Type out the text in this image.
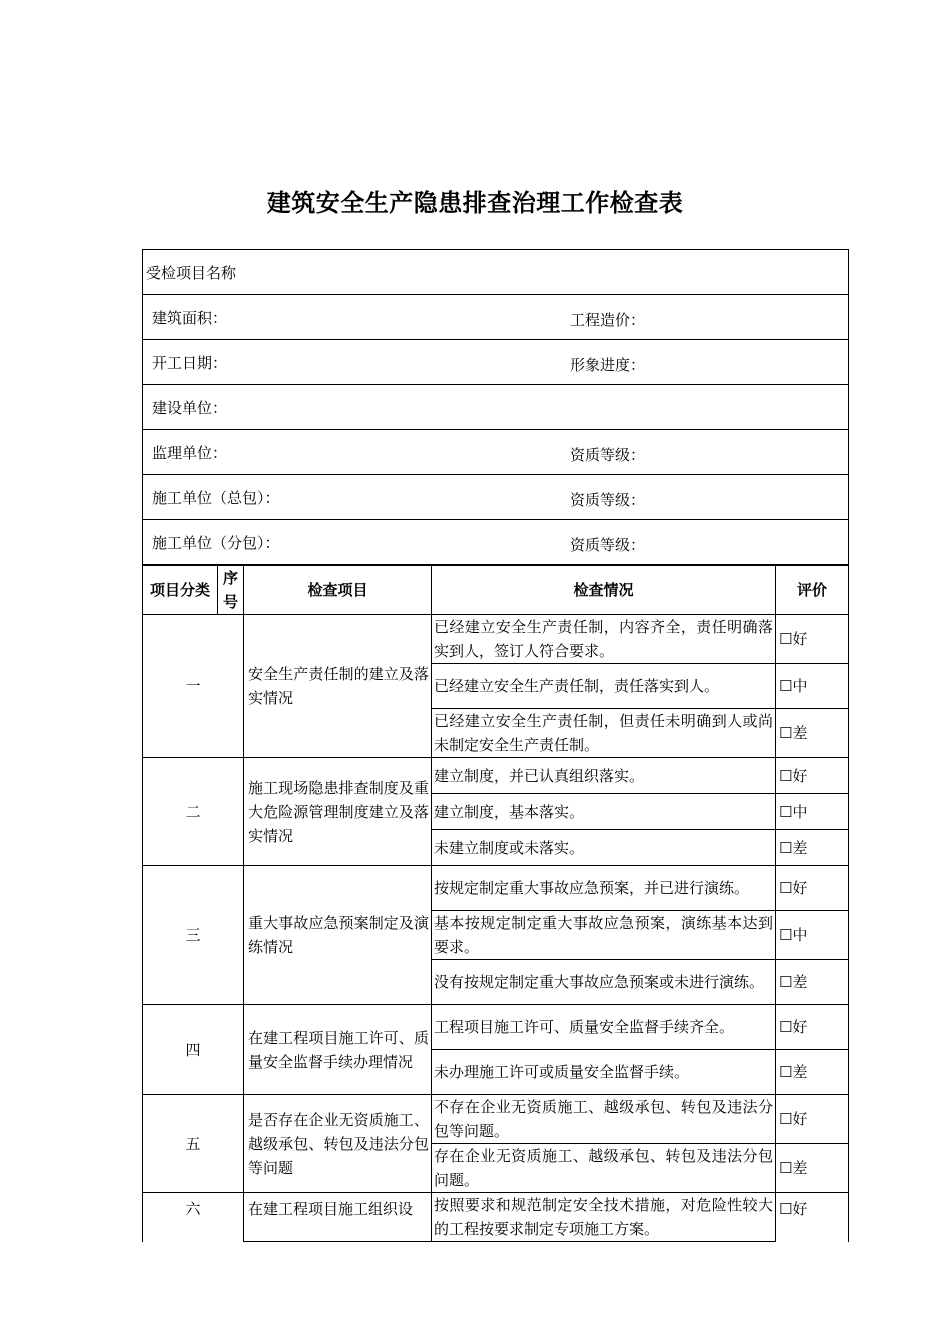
建筑安全生产隐患排查治理工作检查表
受检项目名称
建筑面积：	工程造价：

开工日期：	形象进度：

建设单位：
监理单位：	资质等级：

施工单位（总包）：	资质等级：

施工单位（分包）：	资质等级：
项目分类	序号	检查项目	检查情况	评价
一		安全生产责任制的建立及落实情况	已经建立安全生产责任制，内容齐全，责任明确落实到人，签订人符合要求。	☐好
			已经建立安全生产责任制，责任落实到人。	☐中
			已经建立安全生产责任制，但责任未明确到人或尚未制定安全生产责任制。	☐差
二		施工现场隐患排查制度及重大危险源管理制度建立及落实情况	建立制度，并已认真组织落实。	☐好
			建立制度，基本落实。	☐中
			未建立制度或未落实。	☐差
三		重大事故应急预案制定及演练情况	按规定制定重大事故应急预案，并已进行演练。	☐好
			基本按规定制定重大事故应急预案，演练基本达到要求。	☐中
			没有按规定制定重大事故应急预案或未进行演练。	☐差
四		在建工程项目施工许可、质量安全监督手续办理情况	工程项目施工许可、质量安全监督手续齐全。	☐好
			未办理施工许可或质量安全监督手续。	☐差
五		是否存在企业无资质施工、越级承包、转包及违法分包等问题	不存在企业无资质施工、越级承包、转包及违法分包等问题。	☐好
			存在企业无资质施工、越级承包、转包及违法分包问题。	☐差
六		在建工程项目施工组织设	按照要求和规范制定安全技术措施，对危险性较大的工程按要求制定专项施工方案。	☐好
